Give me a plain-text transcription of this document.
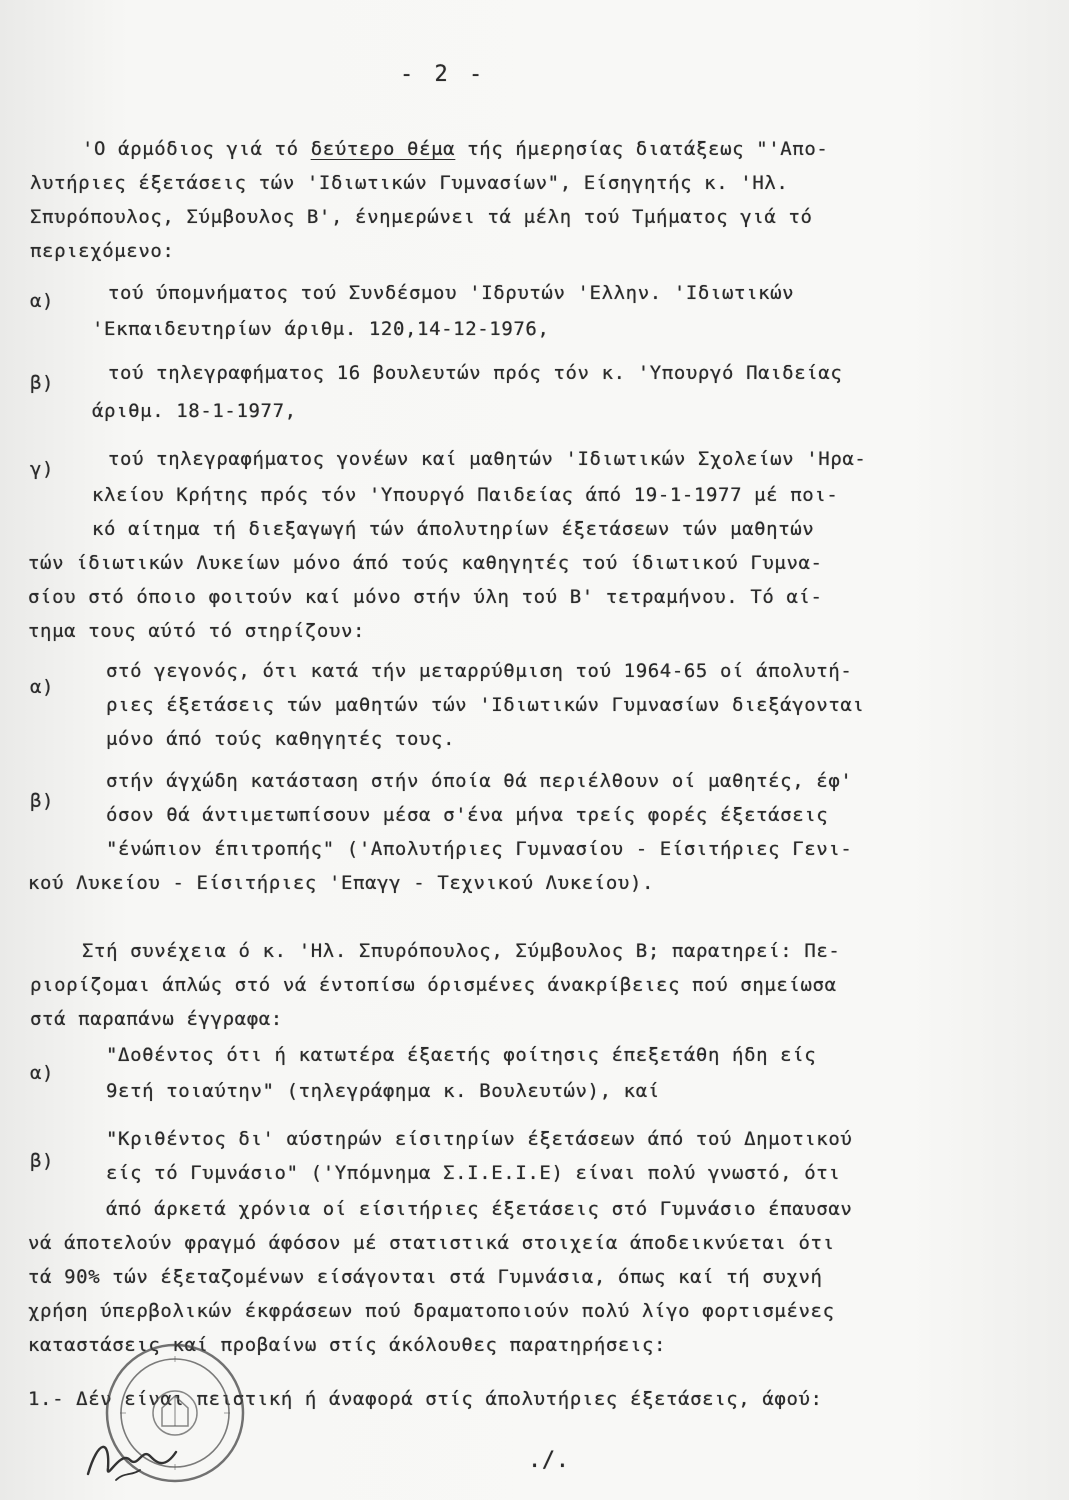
- 2 -
'Ο άρμόδιος γιά τό δεύτερο θέμα τής ήμερησίας διατάξεως "'Απο-
λυτήριες έξετάσεις τών 'Ιδιωτικών Γυμνασίων", Είσηγητής κ. 'Ηλ.
Σπυρόπουλος, Σύμβουλος Β', ένημερώνει τά μέλη τού Τμήματος γιά τό
περιεχόμενο:
α)	τού ύπομνήματος τού Συνδέσμου 'Ιδρυτών 'Ελλην. 'Ιδιωτικών
'Εκπαιδευτηρίων άριθμ. 120,14-12-1976,
β)	τού τηλεγραφήματος 16 βουλευτών πρός τόν κ. 'Υπουργό Παιδείας
άριθμ. 18-1-1977,
γ)	τού τηλεγραφήματος γονέων καί μαθητών 'Ιδιωτικών Σχολείων 'Ηρα-
κλείου Κρήτης πρός τόν 'Υπουργό Παιδείας άπό 19-1-1977 μέ ποι-
κό αίτημα τή διεξαγωγή τών άπολυτηρίων έξετάσεων τών μαθητών
τών ίδιωτικών Λυκείων μόνο άπό τούς καθηγητές τού ίδιωτικού Γυμνα-
σίου στό όποιο φοιτούν καί μόνο στήν ύλη τού Β' τετραμήνου. Τό αί-
τημα τους αύτό τό στηρίζουν:
α)
στό γεγονός, ότι κατά τήν μεταρρύθμιση τού 1964-65 οί άπολυτή-
ριες έξετάσεις τών μαθητών τών 'Ιδιωτικών Γυμνασίων διεξάγονται
μόνο άπό τούς καθηγητές τους.
β)
στήν άγχώδη κατάσταση στήν όποία θά περιέλθουν οί μαθητές, έφ'
όσον θά άντιμετωπίσουν μέσα σ'ένα μήνα τρείς φορές έξετάσεις
"ένώπιον έπιτροπής" ('Απολυτήριες Γυμνασίου - Είσιτήριες Γενι-
κού Λυκείου - Είσιτήριες 'Επαγγ - Τεχνικού Λυκείου).
Στή συνέχεια ό κ. 'Ηλ. Σπυρόπουλος, Σύμβουλος Β; παρατηρεί: Πε-
ριορίζομαι άπλώς στό νά έντοπίσω όρισμένες άνακρίβειες πού σημείωσα
στά παραπάνω έγγραφα:
α)
"Δοθέντος ότι ή κατωτέρα έξαετής φοίτησις έπεξετάθη ήδη είς
9ετή τοιαύτην" (τηλεγράφημα κ. Βουλευτών), καί
β)
"Κριθέντος δι' αύστηρών είσιτηρίων έξετάσεων άπό τού Δημοτικού
είς τό Γυμνάσιο" ('Υπόμνημα Σ.Ι.Ε.Ι.Ε) είναι πολύ γνωστό, ότι
άπό άρκετά χρόνια οί είσιτήριες έξετάσεις στό Γυμνάσιο έπαυσαν
νά άποτελούν φραγμό άφόσον μέ στατιστικά στοιχεία άποδεικνύεται ότι
τά 90% τών έξεταζομένων είσάγονται στά Γυμνάσια, όπως καί τή συχνή
χρήση ύπερβολικών έκφράσεων πού δραματοποιούν πολύ λίγο φορτισμένες
καταστάσεις καί προβαίνω στίς άκόλουθες παρατηρήσεις:
1.- Δέν είναι πειστική ή άναφορά στίς άπολυτήριες έξετάσεις, άφού:
./.
